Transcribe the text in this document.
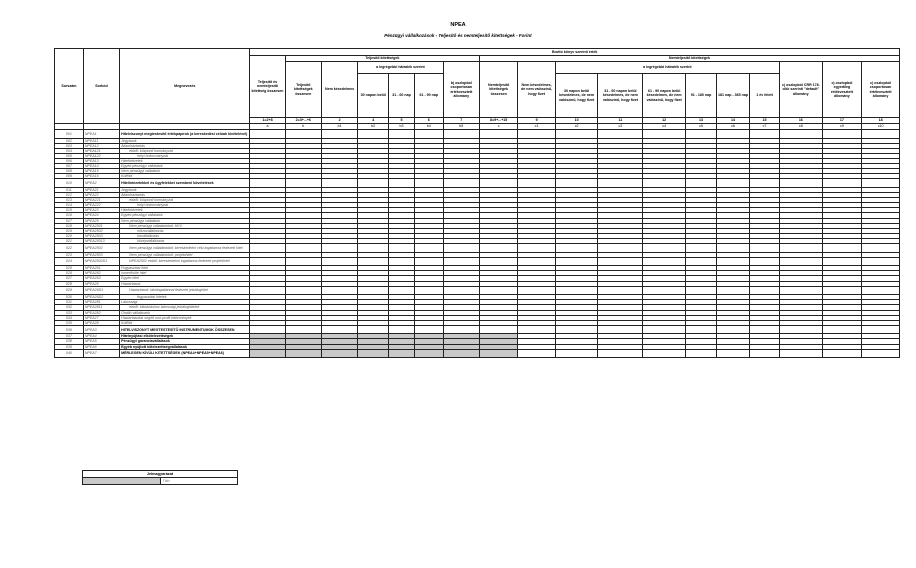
NPEA
Pénzügyi vállalkozások - Teljesítő és nemteljesítő kitettségek - Forint
Sorszám	Sorkód	Megnevezés	Bruttó könyv szerinti érték																	
			Teljesítő és nemteljesítő kitettség összesen	Teljesítő kitettségek						Nemteljesítő kitettségek										
				Teljesítő kitettségek összesen	Nem késedelmes	a legrégebbi hátralék szerint			b) oszlopból csoportosan értékvesztett állomány	Nemteljesítő kitettségek összesen	Nem késedelmes, de nem valószínű, hogy fizet	a legrégebbi hátralék szerint						c) oszlopból CRR 178. cikk szerinti "default" állomány	c) oszlopból egyedileg értékvesztett állomány	c) oszlopból csoportosan értékvesztett állomány
						30 napon belül	31 - 60 nap	61 - 90 nap				30 napon belül késedelmes, de nem valószínű, hogy fizet	31 - 60 napon belül késedelmes, de nem valószínű, hogy fizet	61 - 90 napon belül késedelmes, de nem valószínű, hogy fizet	91 - 180 nap	181 nap - 365 nap	1 év felett			

			1=2+8	2=3+...+6	2	4	5	6	7	8=9+...+15	9	10	11	12	13	14	15	16	17	18
			a	b	b1	b2	b3	b4	b5	c	c1	c2	c3	c4	c5	c6	c7	c8	c9	c10
001	NPEA1	Hitelviszonyt megtestesítő értékpapírok (a kereskedési célúak kivételével)																		
002	NPEA11	Jegybank																		
003	NPEA12	Államháztartás																		
004	NPEA121	ebből: központi kormányzat																		
005	NPEA122	helyi önkormányzat																		
006	NPEA13	Hitelintézetek																		
007	NPEA14	Egyéb pénzügyi vállalatok																		
008	NPEA15	Nem pénzügyi vállalatok																		
009	NPEA16	Külföld																		
010	NPEA2	Hitelintézetekkel és ügyfelekkel szembeni követelések																		
011	NPEA21	Jegybank																		
012	NPEA22	Államháztartás																		
013	NPEA221	ebből: központi kormányzat																		
014	NPEA222	helyi önkormányzat																		
015	NPEA23	Hitelintézetek																		
016	NPEA24	Egyéb pénzügyi vállalatok																		
017	NPEA25	Nem pénzügyi vállalatok																		
018	NPEA2501	Nem pénzügyi vállalatokból: KKV																		
019	NPEA2502	mikrovállalkozás																		
020	NPEA2503	kisvállalkozás																		
021	NPEA25013	középvállalkozás																		
022	NPEA2502	Nem pénzügyi vállalatokból: kereskedelmi célú ingatlanna fedezett hitel																		
023	NPEA2503	Nem pénzügyi vállalatokból: projekthitel																		
024	NPEA2502D1	NPEA2502 ebből: kereskedelmi ingatlanna fedezett projekthitel																		
025	NPEA261	Fogyasztási hitel																		
026	NPEA262	Ismerősöle hitel																		
027	NPEA263	Egyéb hitel																		
028	NPEA26	Háztartások																		
029	NPEA26D1	Háztartások: lakóingatlannal fedezett jelzáloghitel																		
030	NPEA26D2	fogyasztási hitelek																		
031	NPEA281	Lakossági																		
032	NPEA2811	ebből: kiinduláshoz lakossági jelzáloghitelek																		
033	NPEA282	Önálló vállalkozók																		
034	NPEA27	Háztartásokat segítő non-profit intézmények																		
035	NPEA28	Külföld																		
036	NPEA3	HITELVISZONYT MEGTESTESÍTŐ INSTRUMENTUMOK ÖSSZESEN																		
037	NPEA4	Hitelnyújtási elkötelezettségek																		
038	NPEA5	Pénzügyi garanciavállalások																		
039	NPEA6	Egyéb nyújtott kötelezettségvállalások																		
040	NPEA7	MÉRLEGEN KÍVÜLI KITETTSÉGEK (NPEA4+NPEA5+NPEA6)																		
Jelmagyarázat
	Tiltó
